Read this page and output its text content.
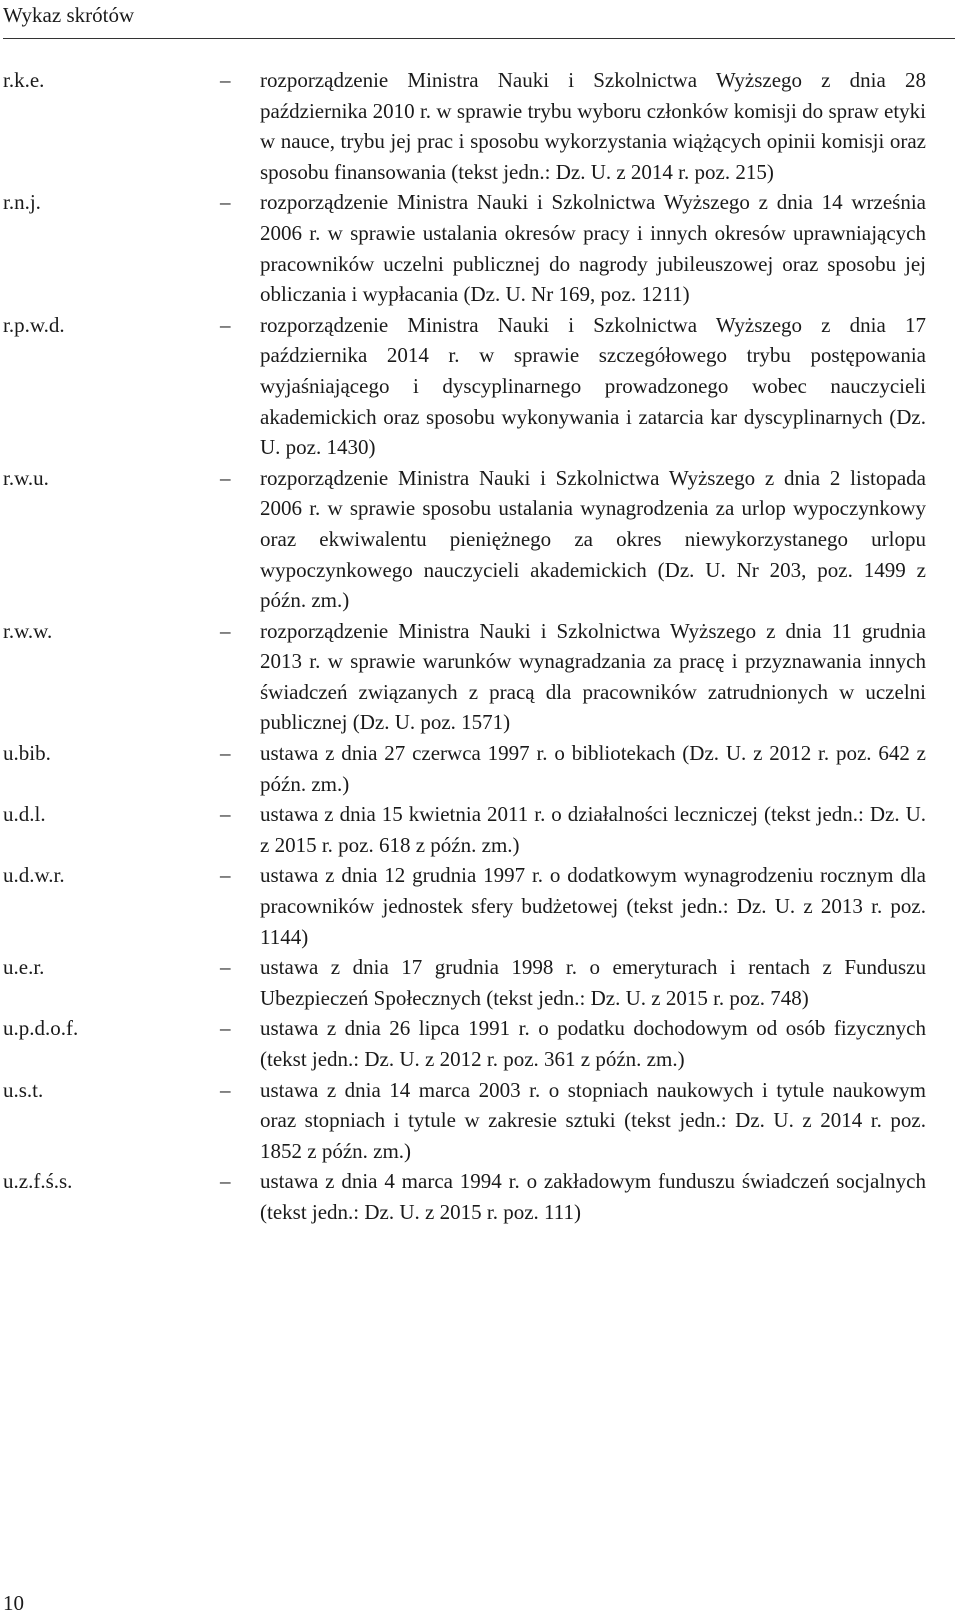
Wykaz skrótów
r.k.e.	– rozporządzenie Ministra Nauki i Szkolnictwa Wyższego z dnia 28 października 2010 r. w sprawie trybu wyboru członków komisji do spraw etyki w nauce, trybu jej prac i sposobu wykorzystania wiążących opinii komisji oraz sposobu finansowania (tekst jedn.: Dz. U. z 2014 r. poz. 215)
r.n.j.	– rozporządzenie Ministra Nauki i Szkolnictwa Wyższego z dnia 14 września 2006 r. w sprawie ustalania okresów pracy i innych okresów uprawniających pracowników uczelni publicznej do nagrody jubileuszowej oraz sposobu jej obliczania i wypłacania (Dz. U. Nr 169, poz. 1211)
r.p.w.d.	– rozporządzenie Ministra Nauki i Szkolnictwa Wyższego z dnia 17 października 2014 r. w sprawie szczegółowego trybu postępowania wyjaśniającego i dyscyplinarnego prowadzonego wobec nauczycieli akademickich oraz sposobu wykonywania i zatarcia kar dyscyplinarnych (Dz. U. poz. 1430)
r.w.u.	– rozporządzenie Ministra Nauki i Szkolnictwa Wyższego z dnia 2 listopada 2006 r. w sprawie sposobu ustalania wynagrodzenia za urlop wypoczynkowy oraz ekwiwalentu pieniężnego za okres niewykorzystanego urlopu wypoczynkowego nauczycieli akademickich (Dz. U. Nr 203, poz. 1499 z późn. zm.)
r.w.w.	– rozporządzenie Ministra Nauki i Szkolnictwa Wyższego z dnia 11 grudnia 2013 r. w sprawie warunków wynagradzania za pracę i przyznawania innych świadczeń związanych z pracą dla pracowników zatrudnionych w uczelni publicznej (Dz. U. poz. 1571)
u.bib.	– ustawa z dnia 27 czerwca 1997 r. o bibliotekach (Dz. U. z 2012 r. poz. 642 z późn. zm.)
u.d.l.	– ustawa z dnia 15 kwietnia 2011 r. o działalności leczniczej (tekst jedn.: Dz. U. z 2015 r. poz. 618 z późn. zm.)
u.d.w.r.	– ustawa z dnia 12 grudnia 1997 r. o dodatkowym wynagrodzeniu rocznym dla pracowników jednostek sfery budżetowej (tekst jedn.: Dz. U. z 2013 r. poz. 1144)
u.e.r.	– ustawa z dnia 17 grudnia 1998 r. o emeryturach i rentach z Funduszu Ubezpieczeń Społecznych (tekst jedn.: Dz. U. z 2015 r. poz. 748)
u.p.d.o.f.	– ustawa z dnia 26 lipca 1991 r. o podatku dochodowym od osób fizycznych (tekst jedn.: Dz. U. z 2012 r. poz. 361 z późn. zm.)
u.s.t.	– ustawa z dnia 14 marca 2003 r. o stopniach naukowych i tytule naukowym oraz stopniach i tytule w zakresie sztuki (tekst jedn.: Dz. U. z 2014 r. poz. 1852 z późn. zm.)
u.z.f.ś.s.	– ustawa z dnia 4 marca 1994 r. o zakładowym funduszu świadczeń socjalnych (tekst jedn.: Dz. U. z 2015 r. poz. 111)
10
